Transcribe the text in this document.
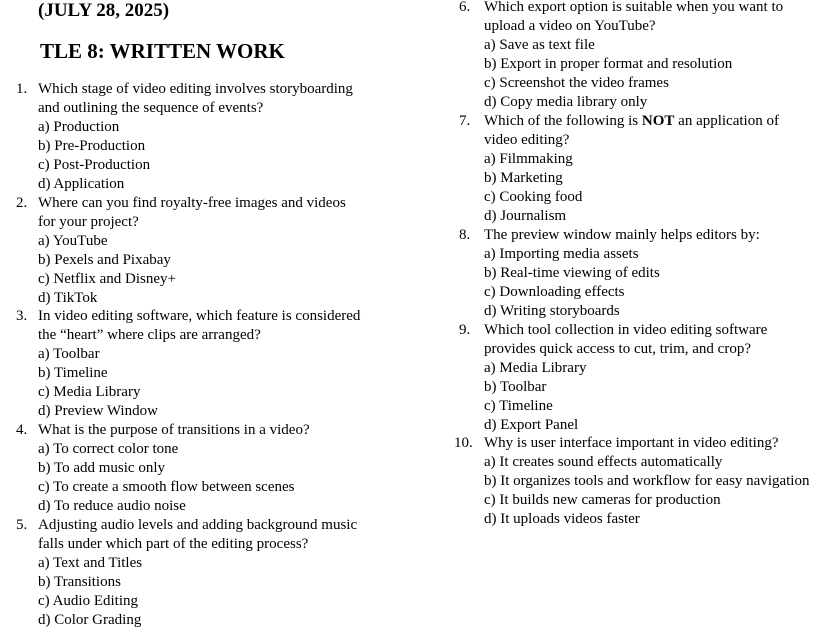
(JULY 28, 2025)
TLE 8: WRITTEN WORK
1. Which stage of video editing involves storyboarding
and outlining the sequence of events?
a) Production
b) Pre-Production
c) Post-Production
d) Application
2. Where can you find royalty-free images and videos
for your project?
a) YouTube
b) Pexels and Pixabay
c) Netflix and Disney+
d) TikTok
3. In video editing software, which feature is considered
the “heart” where clips are arranged?
a) Toolbar
b) Timeline
c) Media Library
d) Preview Window
4. What is the purpose of transitions in a video?
a) To correct color tone
b) To add music only
c) To create a smooth flow between scenes
d) To reduce audio noise
5. Adjusting audio levels and adding background music
falls under which part of the editing process?
a) Text and Titles
b) Transitions
c) Audio Editing
d) Color Grading
6. Which export option is suitable when you want to
upload a video on YouTube?
a) Save as text file
b) Export in proper format and resolution
c) Screenshot the video frames
d) Copy media library only
7. Which of the following is NOT an application of
video editing?
a) Filmmaking
b) Marketing
c) Cooking food
d) Journalism
8. The preview window mainly helps editors by:
a) Importing media assets
b) Real-time viewing of edits
c) Downloading effects
d) Writing storyboards
9. Which tool collection in video editing software
provides quick access to cut, trim, and crop?
a) Media Library
b) Toolbar
c) Timeline
d) Export Panel
10. Why is user interface important in video editing?
a) It creates sound effects automatically
b) It organizes tools and workflow for easy navigation
c) It builds new cameras for production
d) It uploads videos faster
